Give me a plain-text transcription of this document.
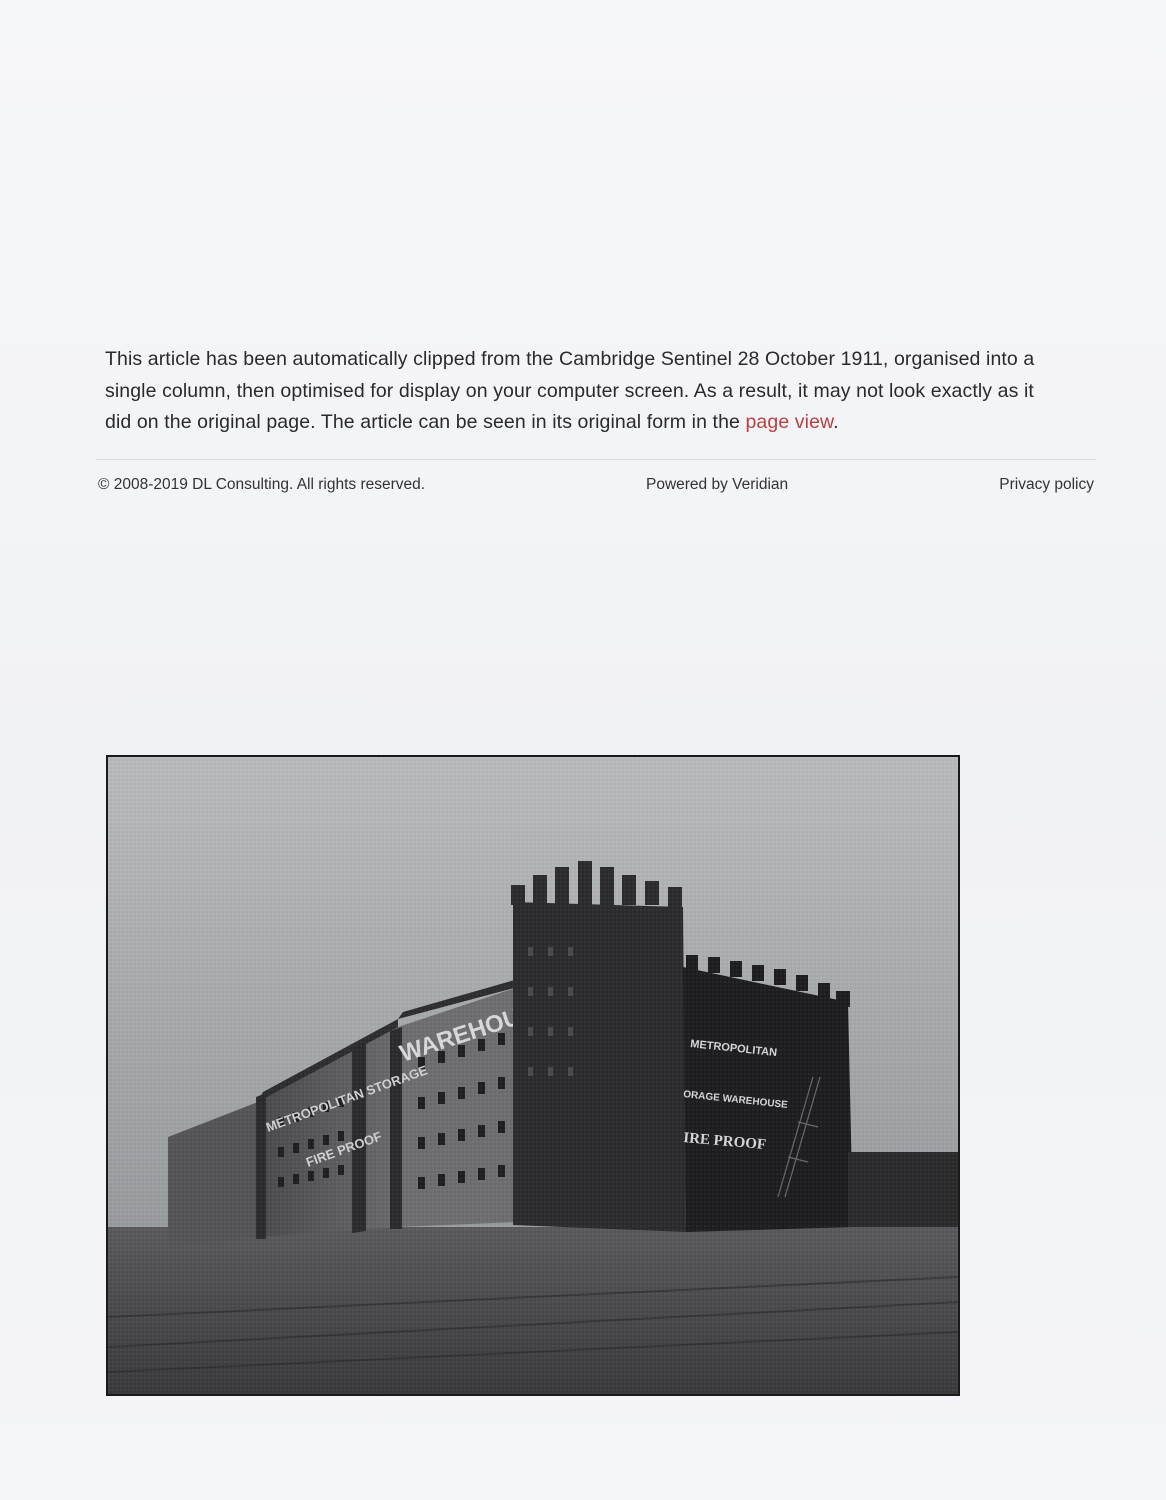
This article has been automatically clipped from the Cambridge Sentinel 28 October 1911, organised into a single column, then optimised for display on your computer screen. As a result, it may not look exactly as it did on the original page. The article can be seen in its original form in the page view.
© 2008-2019 DL Consulting. All rights reserved.	Powered by Veridian	Privacy policy
